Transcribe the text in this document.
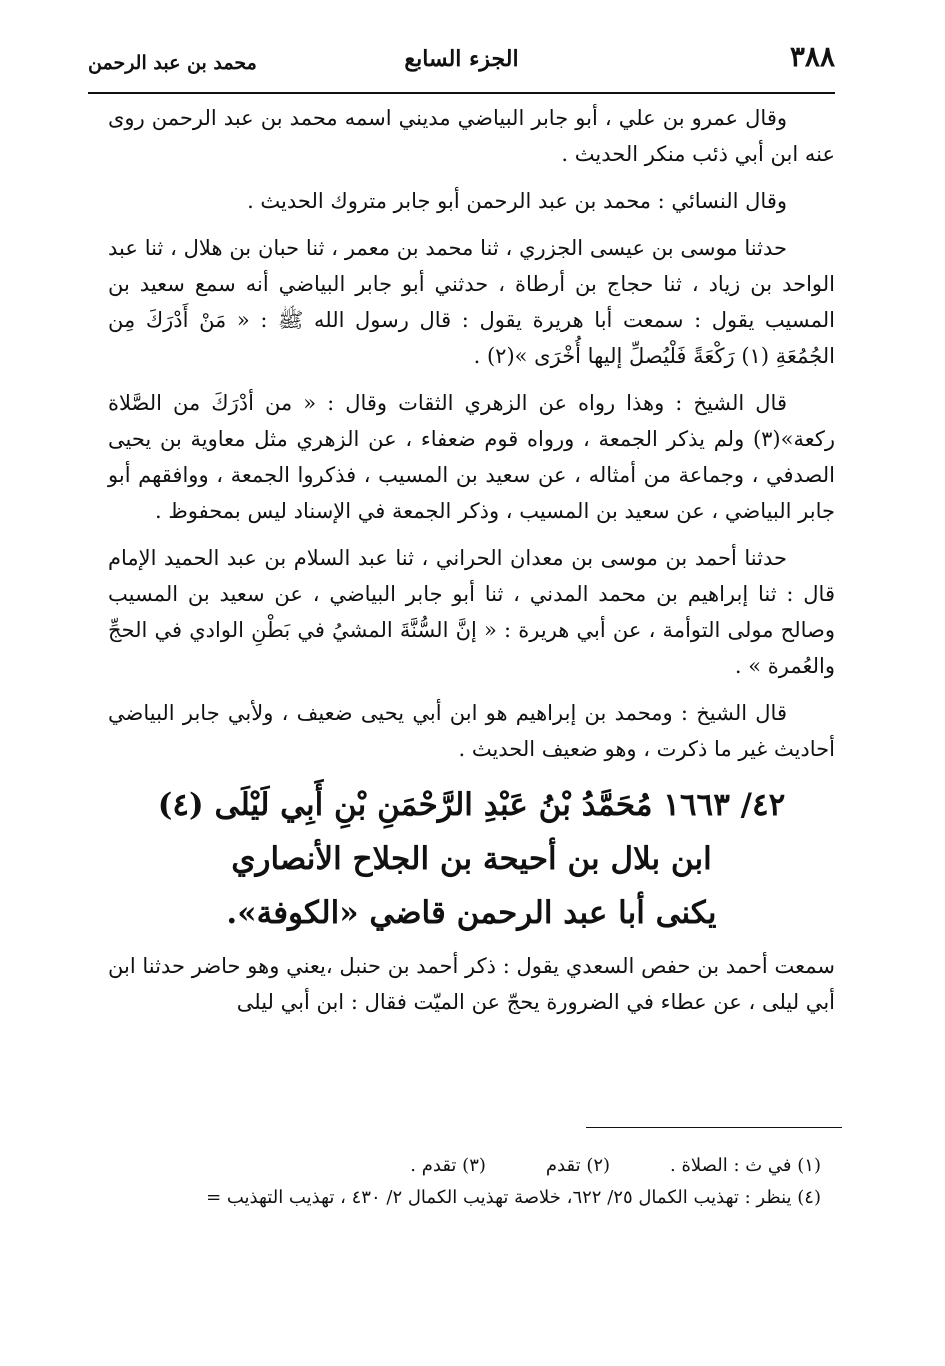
٣٨٨
الجزء السابع
محمد بن عبد الرحمن

وقال عمرو بن علي ، أبو جابر البياضي مديني اسمه محمد بن عبد الرحمن روى عنه ابن أبي ذئب منكر الحديث .

وقال النسائي : محمد بن عبد الرحمن أبو جابر متروك الحديث .

حدثنا موسى بن عيسى الجزري ، ثنا محمد بن معمر ، ثنا حبان بن هلال ، ثنا عبد الواحد بن زياد ، ثنا حجاج بن أرطاة ، حدثني أبو جابر البياضي أنه سمع سعيد بن المسيب يقول : سمعت أبا هريرة يقول : قال رسول الله ﷺ : « مَنْ أَدْرَكَ مِن الجُمُعَةِ (١) رَكْعَةً فَلْيُصلِّ إليها أُخْرَى »(٢) .

قال الشيخ : وهذا رواه عن الزهري الثقات وقال : « من أدْرَكَ من الصَّلاة ركعة»(٣) ولم يذكر الجمعة ، ورواه قوم ضعفاء ، عن الزهري مثل معاوية بن يحيى الصدفي ، وجماعة من أمثاله ، عن سعيد بن المسيب ، فذكروا الجمعة ، ووافقهم أبو جابر البياضي ، عن سعيد بن المسيب ، وذكر الجمعة في الإسناد ليس بمحفوظ .

حدثنا أحمد بن موسى بن معدان الحراني ، ثنا عبد السلام بن عبد الحميد الإمام قال : ثنا إبراهيم بن محمد المدني ، ثنا أبو جابر البياضي ، عن سعيد بن المسيب وصالح مولى التوأمة ، عن أبي هريرة : « إنَّ السُّنَّةَ المشيُ في بَطْنِ الوادي في الحجِّ والعُمرة » .

قال الشيخ : ومحمد بن إبراهيم هو ابن أبي يحيى ضعيف ، ولأبي جابر البياضي أحاديث غير ما ذكرت ، وهو ضعيف الحديث .

٤٢/ ١٦٦٣ مُحَمَّدُ بْنُ عَبْدِ الرَّحْمَنِ بْنِ أَبِي لَيْلَى (٤)
ابن بلال بن أحيحة بن الجلاح الأنصاري
يكنى أبا عبد الرحمن قاضي «الكوفة».

سمعت أحمد بن حفص السعدي يقول : ذكر أحمد بن حنبل ،يعني وهو حاضر حدثنا ابن أبي ليلى ، عن عطاء في الضرورة يحجّ عن الميّت فقال : ابن أبي ليلى

(١) في ث : الصلاة .
(٢) تقدم
(٣) تقدم .
(٤) ينظر : تهذيب الكمال ٢٥/ ٦٢٢، خلاصة تهذيب الكمال ٢/ ٤٣٠ ، تهذيب التهذيب =
